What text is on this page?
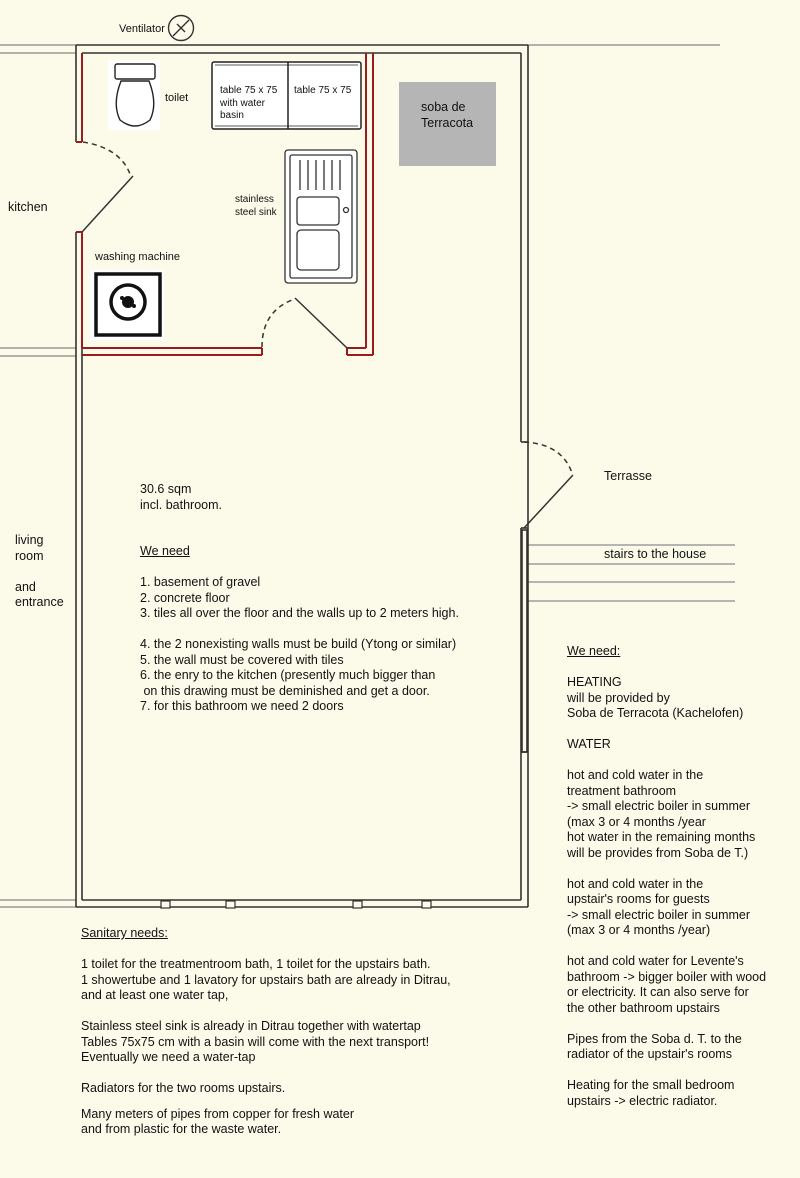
Ventilator
kitchen
toilet
table 75 x 75
with water
basin
table 75 x 75
soba de
Terracota
stainless
steel sink
washing machine
Terrasse
stairs to the house
living
room
and
entrance
30.6 sqm
incl. bathroom.
We need
1. basement of gravel
2. concrete floor
3. tiles all over the floor and the walls up to 2 meters high.
4. the 2 nonexisting walls must be build (Ytong or similar)
5. the wall must be covered with tiles
6. the enry to the kitchen (presently much bigger than
on this drawing must be deminished and get a door.
7. for this bathroom we need 2 doors
We need:
HEATING
will be provided by
Soba de Terracota (Kachelofen)
WATER
hot and cold water in the
treatment bathroom
-> small electric boiler in summer
(max 3 or 4 months /year
hot water in the remaining months
will be provides from Soba de T.)
hot and cold water in the
upstair's rooms for guests
-> small electric boiler in summer
(max 3 or 4 months /year)
hot and cold water for Levente's
bathroom -> bigger boiler with wood
or electricity. It can also serve for
the other bathroom upstairs
Pipes from the Soba d. T. to the
radiator of the upstair's rooms
Heating for the small bedroom
upstairs -> electric radiator.
Sanitary needs:
1 toilet for the treatmentroom bath, 1 toilet for the upstairs bath.
1 showertube and 1 lavatory for upstairs bath are already in Ditrau,
and at least one water tap,
Stainless steel sink is already in Ditrau together with watertap
Tables 75x75 cm with a basin will come with the next transport!
Eventually we need a water-tap
Radiators for the two rooms upstairs.
Many meters of pipes from copper for fresh water
and from plastic for the waste water.
